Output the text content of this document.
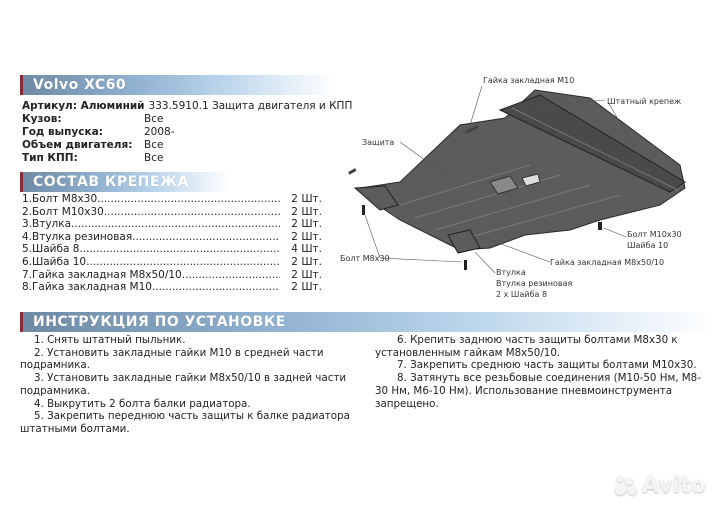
Volvo XC60
Артикул: Алюминий 333.5910.1 Защита двигателя и КПП
Кузов:	Все
Год выпуска:	2008-
Объем двигателя:	Все
Тип КПП:	Все
СОСТАВ КРЕПЕЖА
1.Болт М8х30 .....	2 Шт.
2.Болт М10х30 .....	2 Шт.
3.Втулка .....	2 Шт.
4.Втулка резиновая .....	2 Шт.
5.Шайба 8 .....	4 Шт.
6.Шайба 10 .....	2 Шт.
7.Гайка закладная М8х50/10 .....	2 Шт.
8.Гайка закладная М10 .....	2 Шт.
Гайка закладная М10
Штатный крепеж
Защита
Болт М10х30
Шайба 10
Болт М8х30	Гайка закладная М8х50/10
Втулка
Втулка резиновая
2 х Шайба 8
ИНСТРУКЦИЯ ПО УСТАНОВКЕ

1. Снять штатный пыльник.

2. Установить закладные гайки М10 в средней части подрамника.

3. Установить закладные гайки М8х50/10 в задней части подрамника.

4. Выкрутить 2 болта балки радиатора.

5. Закрепить переднюю часть защиты к балке радиатора штатными болтами.

6. Крепить заднюю часть защиты болтами М8х30 к установленным гайкам М8х50/10.

7. Закрепить среднюю часть защиты болтами М10х30.

8. Затянуть все резьбовые соединения (М10-50 Нм, М8-30 Нм, М6-10 Нм). Использование пневмоинструмента запрещено.

Avito
